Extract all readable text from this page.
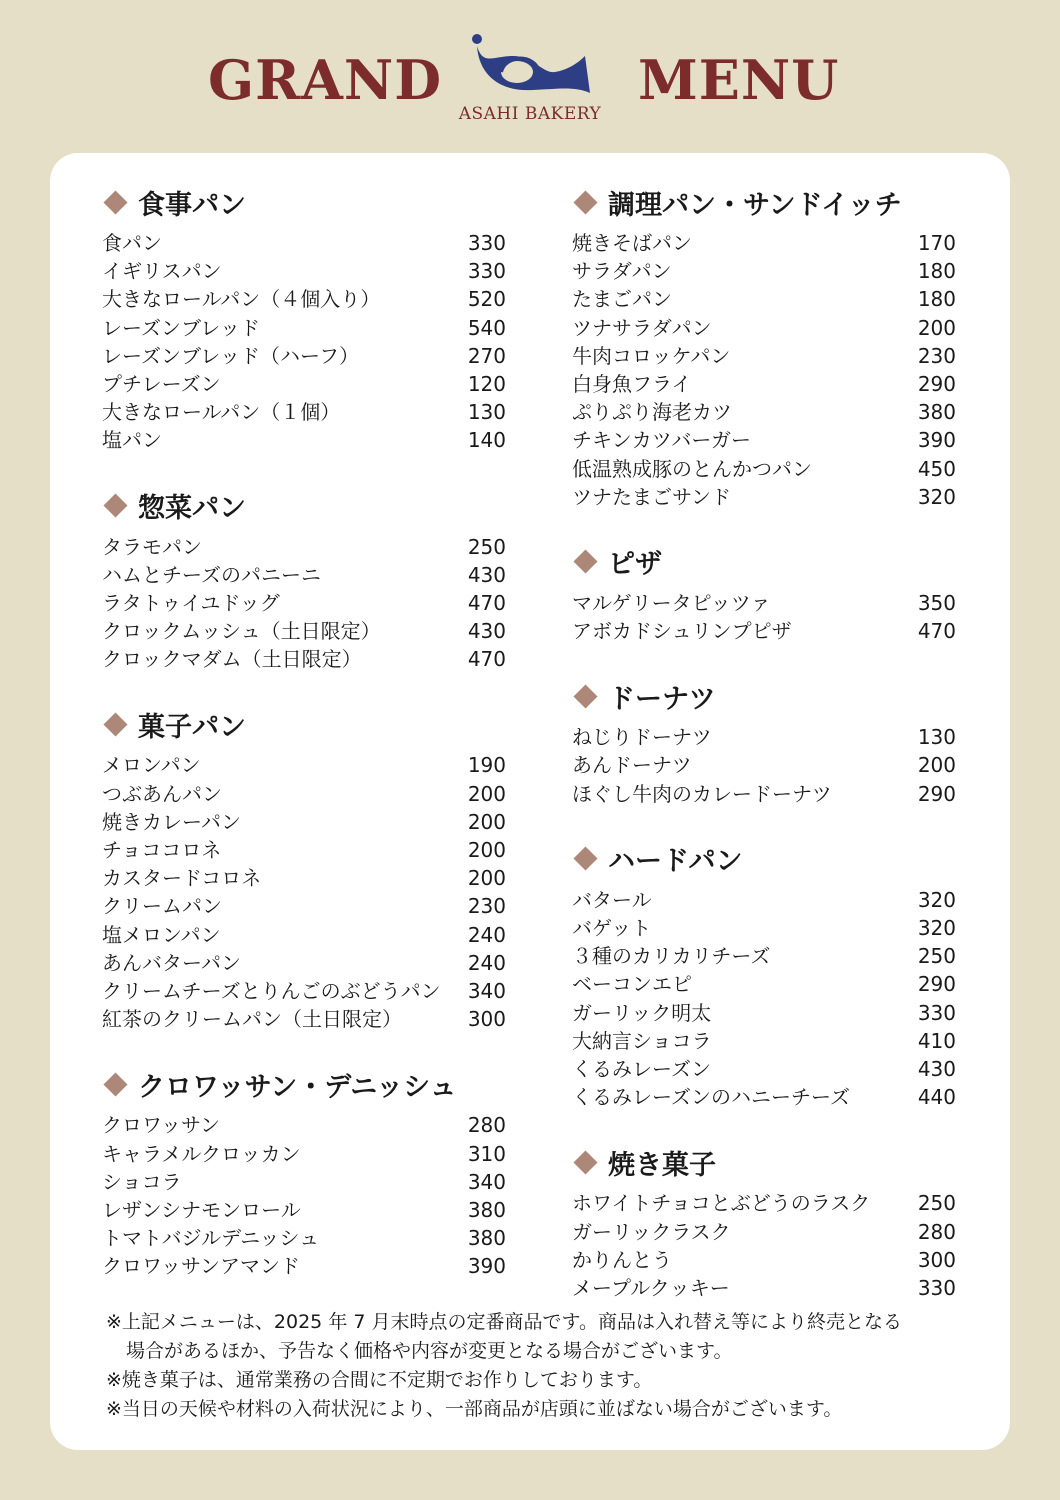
GRAND
ASAHI BAKERY
MENU
食事パン
食パン	330
イギリスパン	330
大きなロールパン（４個入り）	520
レーズンブレッド	540
レーズンブレッド（ハーフ）	270
プチレーズン	120
大きなロールパン（１個）	130
塩パン	140
惣菜パン
タラモパン	250
ハムとチーズのパニーニ	430
ラタトゥイユドッグ	470
クロックムッシュ（土日限定）	430
クロックマダム（土日限定）	470
菓子パン
メロンパン	190
つぶあんパン	200
焼きカレーパン	200
チョココロネ	200
カスタードコロネ	200
クリームパン	230
塩メロンパン	240
あんバターパン	240
クリームチーズとりんごのぶどうパン 340
紅茶のクリームパン（土日限定）	300
クロワッサン・デニッシュ
クロワッサン	280
キャラメルクロッカン	310
ショコラ	340
レザンシナモンロール	380
トマトバジルデニッシュ	380
クロワッサンアマンド	390
調理パン・サンドイッチ
焼きそばパン	170
サラダパン	180
たまごパン	180
ツナサラダパン	200
牛肉コロッケパン	230
白身魚フライ	290
ぷりぷり海老カツ	380
チキンカツバーガー	390
低温熟成豚のとんかつパン	450
ツナたまごサンド	320
ピザ
マルゲリータピッツァ	350
アボカドシュリンプピザ	470
ドーナツ
ねじりドーナツ	130
あんドーナツ	200
ほぐし牛肉のカレードーナツ	290
ハードパン
バタール	320
バゲット	320
３種のカリカリチーズ	250
ベーコンエピ	290
ガーリック明太	330
大納言ショコラ	410
くるみレーズン	430
くるみレーズンのハニーチーズ	440
焼き菓子
ホワイトチョコとぶどうのラスク 250
ガーリックラスク	280
かりんとう	300
メープルクッキー	330
※上記メニューは、2025 年 7 月末時点の定番商品です。商品は入れ替え等により終売となる
場合があるほか、予告なく価格や内容が変更となる場合がございます。
※焼き菓子は、通常業務の合間に不定期でお作りしております。
※当日の天候や材料の入荷状況により、一部商品が店頭に並ばない場合がございます。
